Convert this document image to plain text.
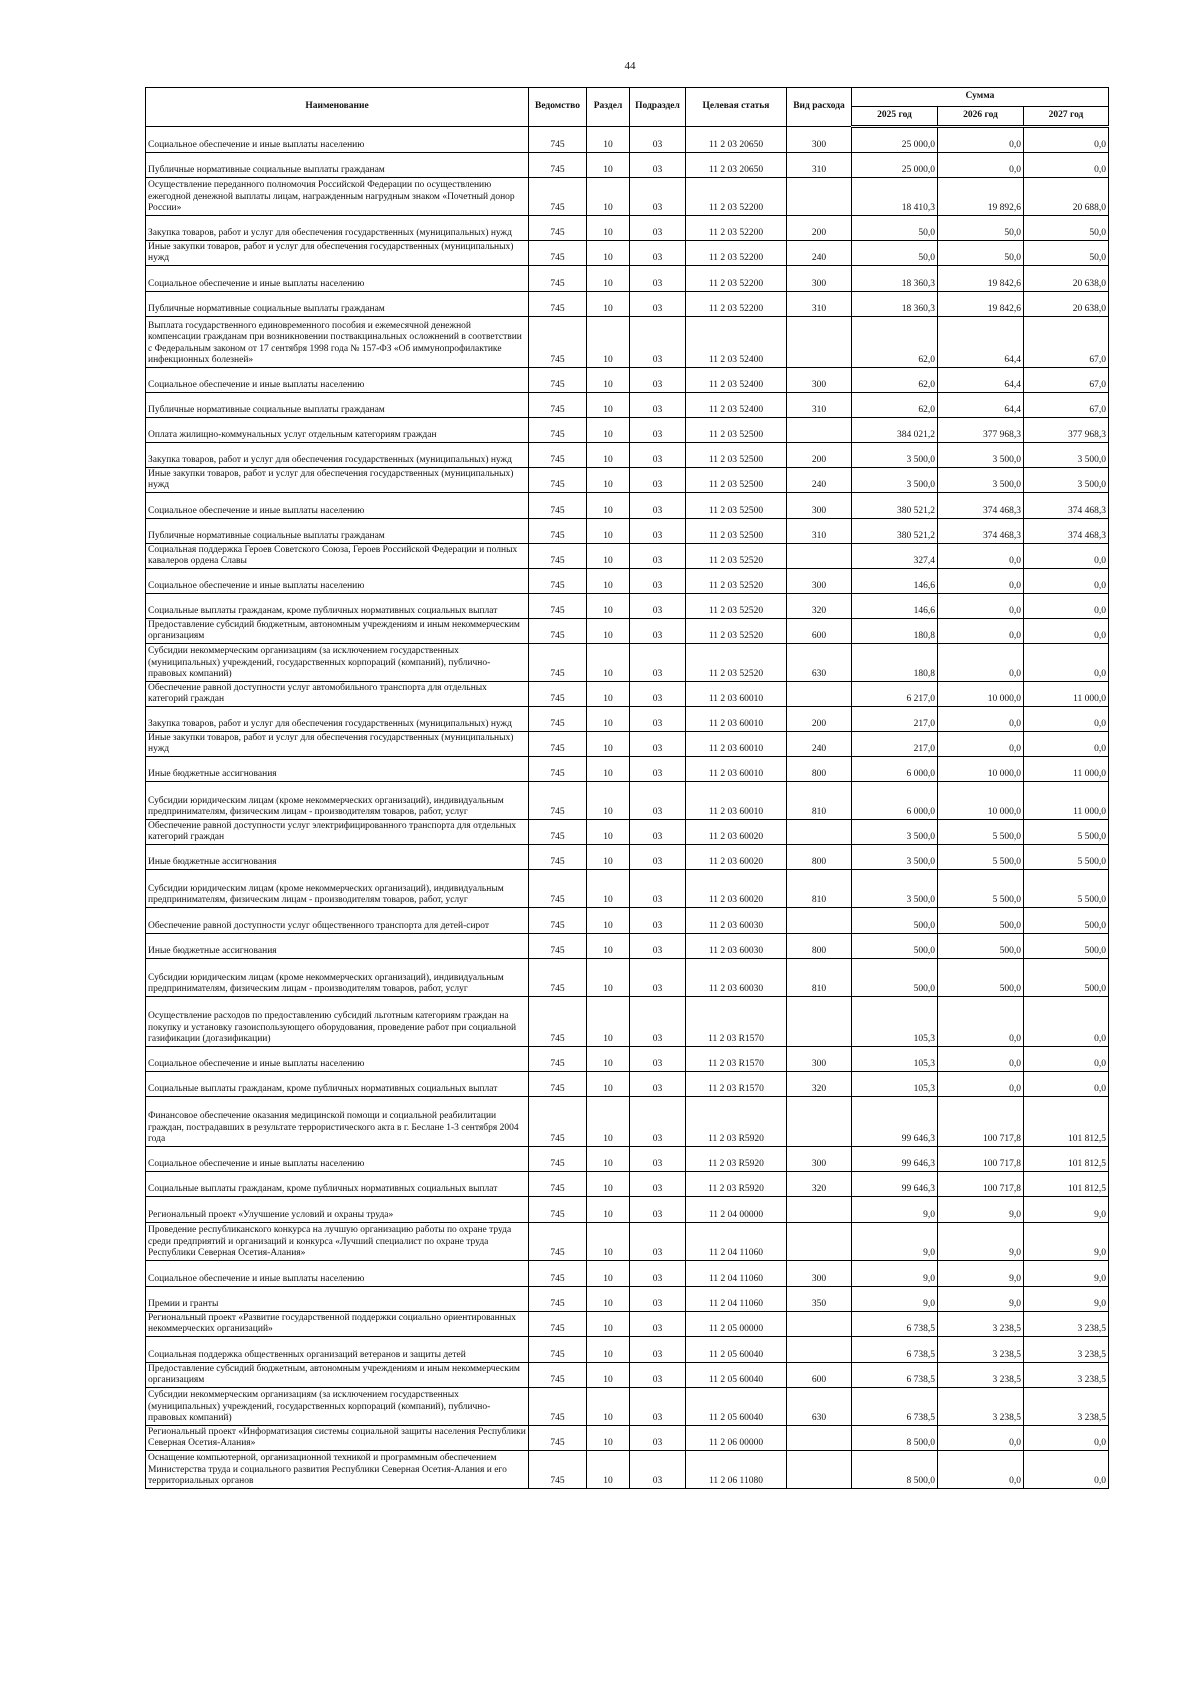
44
Наименование	Ведомство	Раздел	Подраздел	Целевая статья	Вид расхода	Сумма		
						2025 год	2026 год	2027 год
Социальное обеспечение и иные выплаты населению	745	10	03	11 2 03 20650	300	25 000,0	0,0	0,0
Публичные нормативные социальные выплаты гражданам	745	10	03	11 2 03 20650	310	25 000,0	0,0	0,0
Осуществление переданного полномочия Российской Федерации по осуществлению ежегодной денежной выплаты лицам, награжденным нагрудным знаком «Почетный донор России»	745	10	03	11 2 03 52200		18 410,3	19 892,6	20 688,0
Закупка товаров, работ и услуг для обеспечения государственных (муниципальных) нужд	745	10	03	11 2 03 52200	200	50,0	50,0	50,0
Иные закупки товаров, работ и услуг для обеспечения государственных (муниципальных) нужд	745	10	03	11 2 03 52200	240	50,0	50,0	50,0
Социальное обеспечение и иные выплаты населению	745	10	03	11 2 03 52200	300	18 360,3	19 842,6	20 638,0
Публичные нормативные социальные выплаты гражданам	745	10	03	11 2 03 52200	310	18 360,3	19 842,6	20 638,0
Выплата государственного единовременного пособия и ежемесячной денежной компенсации гражданам при возникновении поствакцинальных осложнений в соответствии с Федеральным законом от 17 сентября 1998 года № 157-ФЗ «Об иммунопрофилактике инфекционных болезней»	745	10	03	11 2 03 52400		62,0	64,4	67,0
Социальное обеспечение и иные выплаты населению	745	10	03	11 2 03 52400	300	62,0	64,4	67,0
Публичные нормативные социальные выплаты гражданам	745	10	03	11 2 03 52400	310	62,0	64,4	67,0
Оплата жилищно-коммунальных услуг отдельным категориям граждан	745	10	03	11 2 03 52500		384 021,2	377 968,3	377 968,3
Закупка товаров, работ и услуг для обеспечения государственных (муниципальных) нужд	745	10	03	11 2 03 52500	200	3 500,0	3 500,0	3 500,0
Иные закупки товаров, работ и услуг для обеспечения государственных (муниципальных) нужд	745	10	03	11 2 03 52500	240	3 500,0	3 500,0	3 500,0
Социальное обеспечение и иные выплаты населению	745	10	03	11 2 03 52500	300	380 521,2	374 468,3	374 468,3
Публичные нормативные социальные выплаты гражданам	745	10	03	11 2 03 52500	310	380 521,2	374 468,3	374 468,3
Социальная поддержка Героев Советского Союза, Героев Российской Федерации и полных кавалеров ордена Славы	745	10	03	11 2 03 52520		327,4	0,0	0,0
Социальное обеспечение и иные выплаты населению	745	10	03	11 2 03 52520	300	146,6	0,0	0,0
Социальные выплаты гражданам, кроме публичных нормативных социальных выплат	745	10	03	11 2 03 52520	320	146,6	0,0	0,0
Предоставление субсидий бюджетным, автономным учреждениям и иным некоммерческим организациям	745	10	03	11 2 03 52520	600	180,8	0,0	0,0
Субсидии некоммерческим организациям (за исключением государственных (муниципальных) учреждений, государственных корпораций (компаний), публично-правовых компаний)	745	10	03	11 2 03 52520	630	180,8	0,0	0,0
Обеспечение равной доступности услуг автомобильного транспорта для отдельных категорий граждан	745	10	03	11 2 03 60010		6 217,0	10 000,0	11 000,0
Закупка товаров, работ и услуг для обеспечения государственных (муниципальных) нужд	745	10	03	11 2 03 60010	200	217,0	0,0	0,0
Иные закупки товаров, работ и услуг для обеспечения государственных (муниципальных) нужд	745	10	03	11 2 03 60010	240	217,0	0,0	0,0
Иные бюджетные ассигнования	745	10	03	11 2 03 60010	800	6 000,0	10 000,0	11 000,0
Субсидии юридическим лицам (кроме некоммерческих организаций), индивидуальным предпринимателям, физическим лицам - производителям товаров, работ, услуг	745	10	03	11 2 03 60010	810	6 000,0	10 000,0	11 000,0
Обеспечение равной доступности услуг электрифицированного транспорта для отдельных категорий граждан	745	10	03	11 2 03 60020		3 500,0	5 500,0	5 500,0
Иные бюджетные ассигнования	745	10	03	11 2 03 60020	800	3 500,0	5 500,0	5 500,0
Субсидии юридическим лицам (кроме некоммерческих организаций), индивидуальным предпринимателям, физическим лицам - производителям товаров, работ, услуг	745	10	03	11 2 03 60020	810	3 500,0	5 500,0	5 500,0
Обеспечение равной доступности услуг общественного транспорта для детей-сирот	745	10	03	11 2 03 60030		500,0	500,0	500,0
Иные бюджетные ассигнования	745	10	03	11 2 03 60030	800	500,0	500,0	500,0
Субсидии юридическим лицам (кроме некоммерческих организаций), индивидуальным предпринимателям, физическим лицам - производителям товаров, работ, услуг	745	10	03	11 2 03 60030	810	500,0	500,0	500,0
Осуществление расходов по предоставлению субсидий льготным категориям граждан на покупку и установку газоиспользующего оборудования, проведение работ при социальной газификации (догазификации)	745	10	03	11 2 03 R1570		105,3	0,0	0,0
Социальное обеспечение и иные выплаты населению	745	10	03	11 2 03 R1570	300	105,3	0,0	0,0
Социальные выплаты гражданам, кроме публичных нормативных социальных выплат	745	10	03	11 2 03 R1570	320	105,3	0,0	0,0
Финансовое обеспечение оказания медицинской помощи и социальной реабилитации граждан, пострадавших в результате террористического акта в г. Беслане 1-3 сентября 2004 года	745	10	03	11 2 03 R5920		99 646,3	100 717,8	101 812,5
Социальное обеспечение и иные выплаты населению	745	10	03	11 2 03 R5920	300	99 646,3	100 717,8	101 812,5
Социальные выплаты гражданам, кроме публичных нормативных социальных выплат	745	10	03	11 2 03 R5920	320	99 646,3	100 717,8	101 812,5
Региональный проект «Улучшение условий и охраны труда»	745	10	03	11 2 04 00000		9,0	9,0	9,0
Проведение республиканского конкурса на лучшую организацию работы по охране труда среди предприятий и организаций и конкурса «Лучший специалист по охране труда Республики Северная Осетия-Алания»	745	10	03	11 2 04 11060		9,0	9,0	9,0
Социальное обеспечение и иные выплаты населению	745	10	03	11 2 04 11060	300	9,0	9,0	9,0
Премии и гранты	745	10	03	11 2 04 11060	350	9,0	9,0	9,0
Региональный проект «Развитие государственной поддержки социально ориентированных некоммерческих организаций»	745	10	03	11 2 05 00000		6 738,5	3 238,5	3 238,5
Социальная поддержка общественных организаций ветеранов и защиты детей	745	10	03	11 2 05 60040		6 738,5	3 238,5	3 238,5
Предоставление субсидий бюджетным, автономным учреждениям и иным некоммерческим организациям	745	10	03	11 2 05 60040	600	6 738,5	3 238,5	3 238,5
Субсидии некоммерческим организациям (за исключением государственных (муниципальных) учреждений, государственных корпораций (компаний), публично-правовых компаний)	745	10	03	11 2 05 60040	630	6 738,5	3 238,5	3 238,5
Региональный проект «Информатизация системы социальной защиты населения Республики Северная Осетия-Алания»	745	10	03	11 2 06 00000		8 500,0	0,0	0,0
Оснащение компьютерной, организационной техникой и программным обеспечением Министерства труда и социального развития Республики Северная Осетия-Алания и его территориальных органов	745	10	03	11 2 06 11080		8 500,0	0,0	0,0
